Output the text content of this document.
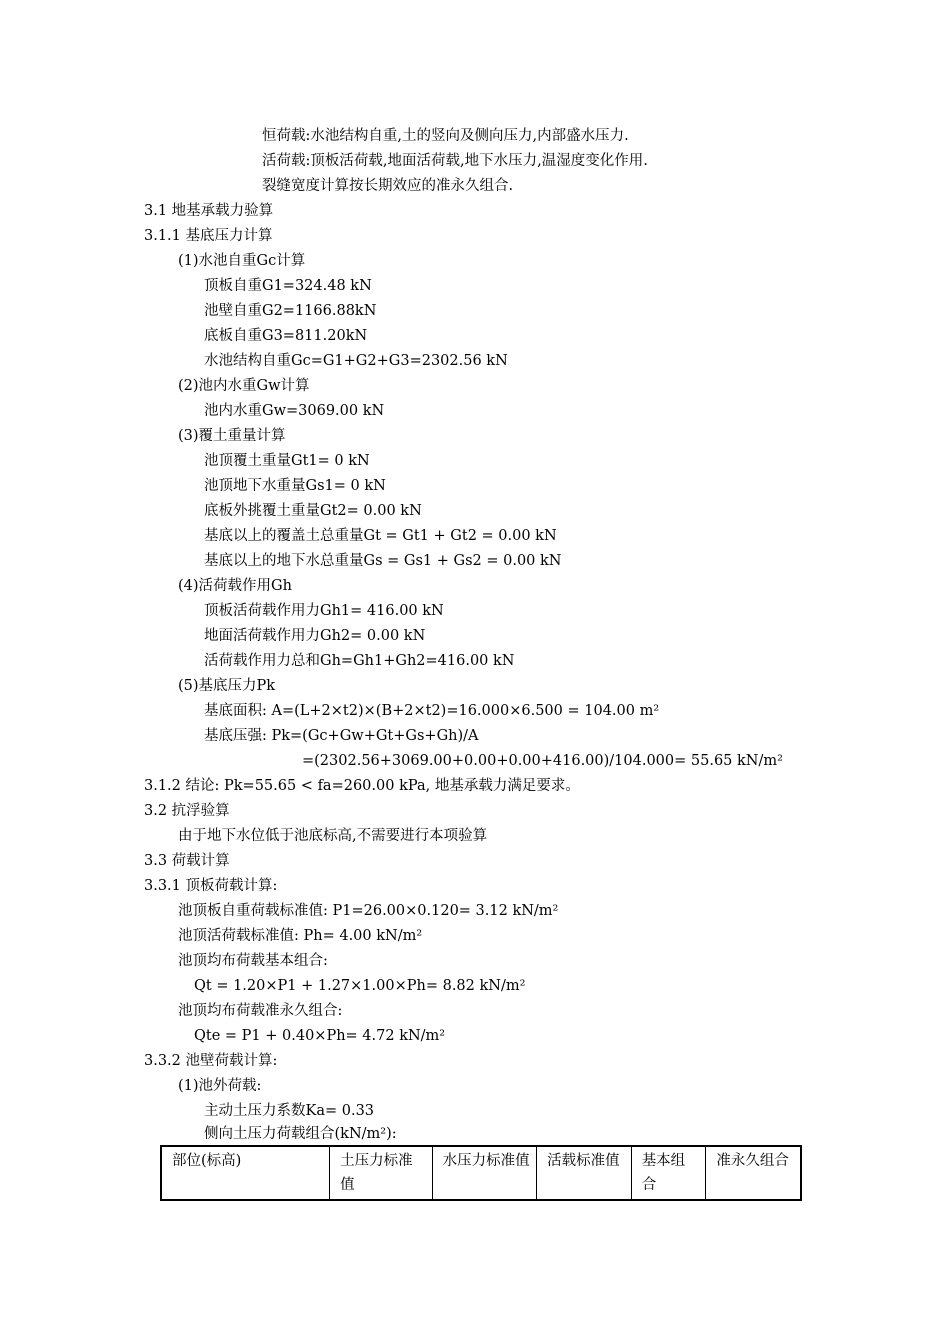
恒荷载:水池结构自重,土的竖向及侧向压力,内部盛水压力.
活荷载:顶板活荷载,地面活荷载,地下水压力,温湿度变化作用.
裂缝宽度计算按长期效应的准永久组合.
3.1 地基承载力验算
3.1.1 基底压力计算
(1)水池自重Gc计算
顶板自重G1=324.48 kN
池壁自重G2=1166.88kN
底板自重G3=811.20kN
水池结构自重Gc=G1+G2+G3=2302.56 kN
(2)池内水重Gw计算
池内水重Gw=3069.00 kN
(3)覆土重量计算
池顶覆土重量Gt1= 0 kN
池顶地下水重量Gs1= 0 kN
底板外挑覆土重量Gt2= 0.00 kN
基底以上的覆盖土总重量Gt = Gt1 + Gt2 = 0.00 kN
基底以上的地下水总重量Gs = Gs1 + Gs2 = 0.00 kN
(4)活荷载作用Gh
顶板活荷载作用力Gh1= 416.00 kN
地面活荷载作用力Gh2= 0.00 kN
活荷载作用力总和Gh=Gh1+Gh2=416.00 kN
(5)基底压力Pk
基底面积: A=(L+2×t2)×(B+2×t2)=16.000×6.500 = 104.00 m²
基底压强: Pk=(Gc+Gw+Gt+Gs+Gh)/A
=(2302.56+3069.00+0.00+0.00+416.00)/104.000= 55.65 kN/m²
3.1.2 结论: Pk=55.65 < fa=260.00 kPa, 地基承载力满足要求。
3.2 抗浮验算
由于地下水位低于池底标高,不需要进行本项验算
3.3 荷载计算
3.3.1 顶板荷载计算:
池顶板自重荷载标准值: P1=26.00×0.120= 3.12 kN/m²
池顶活荷载标准值: Ph= 4.00 kN/m²
池顶均布荷载基本组合:
Qt = 1.20×P1 + 1.27×1.00×Ph= 8.82 kN/m²
池顶均布荷载准永久组合:
Qte = P1 + 0.40×Ph= 4.72 kN/m²
3.3.2 池壁荷载计算:
(1)池外荷载:
主动土压力系数Ka= 0.33
侧向土压力荷载组合(kN/m²):
部位(标高)	土压力标准值	水压力标准值	活载标准值	基本组合	准永久组合
